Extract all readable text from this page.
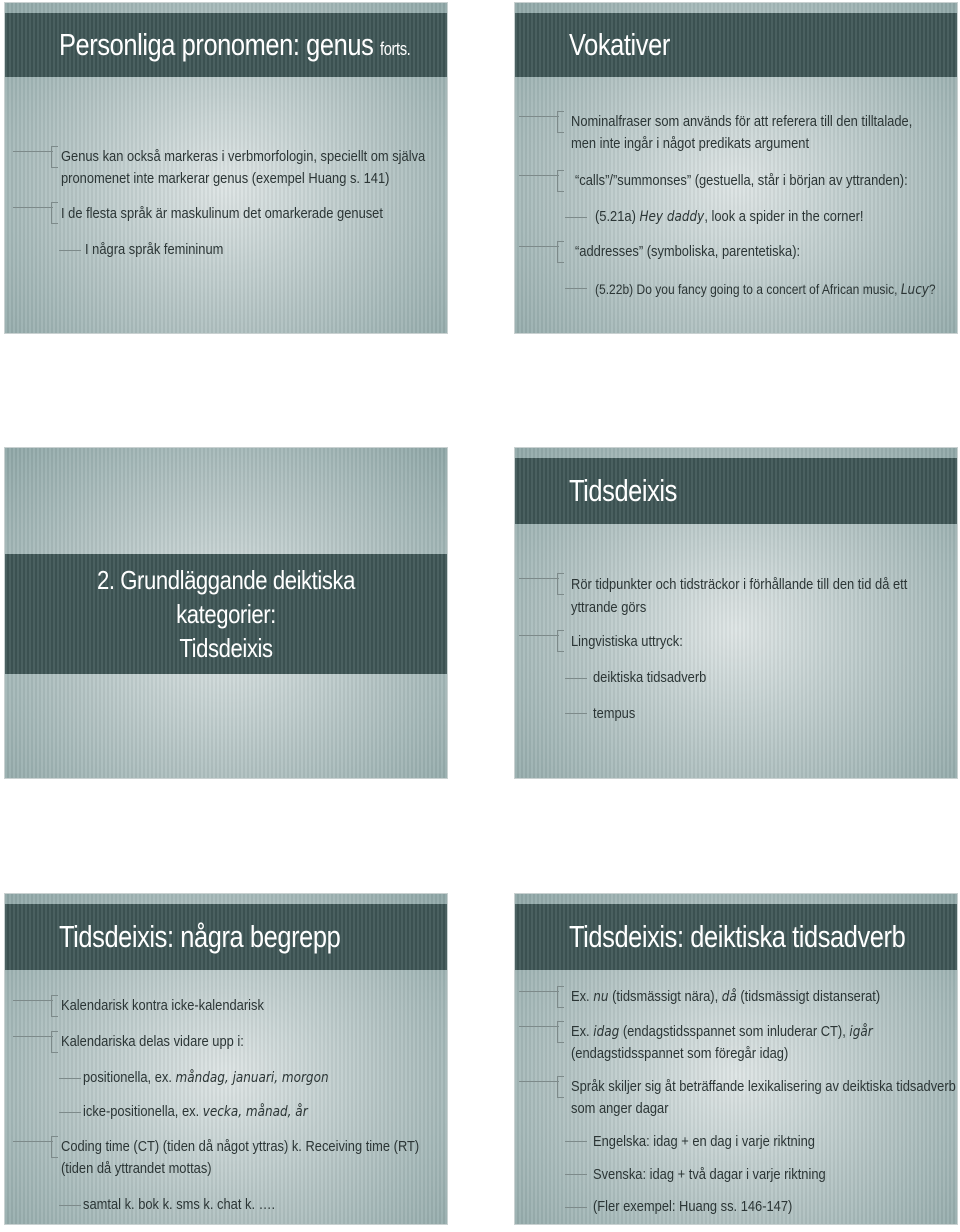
Personliga pronomen: genus forts.
Genus kan också markeras i verbmorfologin, speciellt om själva
pronomenet inte markerar genus (exempel Huang s. 141)
I de flesta språk är maskulinum det omarkerade genuset
I några språk femininum
Vokativer
Nominalfraser som används för att referera till den tilltalade,
men inte ingår i något predikats argument
“calls”/”summonses” (gestuella, står i början av yttranden):
(5.21a) Hey daddy, look a spider in the corner!
“addresses” (symboliska, parentetiska):
(5.22b) Do you fancy going to a concert of African music, Lucy?
2. Grundläggande deiktiska kategorier:
Tidsdeixis
Tidsdeixis
Rör tidpunkter och tidsträckor i förhållande till den tid då ett
yttrande görs
Lingvistiska uttryck:
deiktiska tidsadverb
tempus
Tidsdeixis: några begrepp
Kalendarisk kontra icke-kalendarisk
Kalendariska delas vidare upp i:
positionella, ex. måndag, januari, morgon
icke-positionella, ex. vecka, månad, år
Coding time (CT) (tiden då något yttras) k. Receiving time (RT)
(tiden då yttrandet mottas)
samtal k. bok k. sms k. chat k. ….
Tidsdeixis: deiktiska tidsadverb
Ex. nu (tidsmässigt nära), då (tidsmässigt distanserat)
Ex. idag (endagstidsspannet som inluderar CT), igår
(endagstidsspannet som föregår idag)
Språk skiljer sig åt beträffande lexikalisering av deiktiska tidsadverb
som anger dagar
Engelska: idag + en dag i varje riktning
Svenska: idag + två dagar i varje riktning
(Fler exempel: Huang ss. 146-147)
